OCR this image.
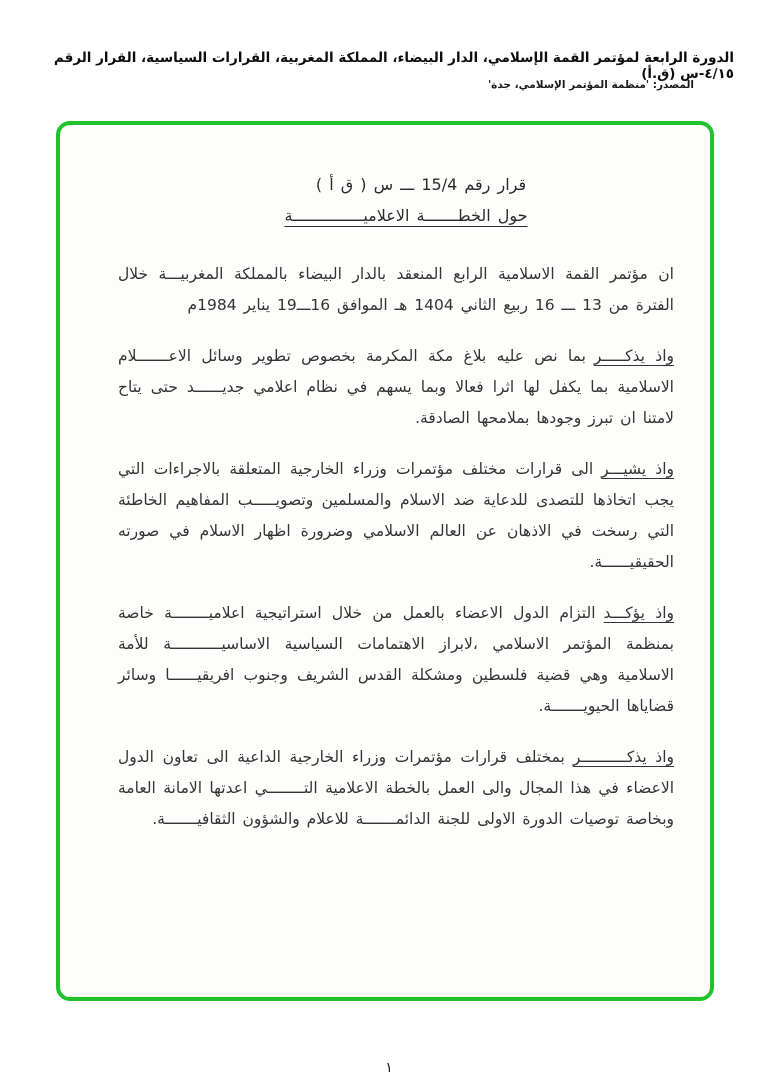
الدورة الرابعة لمؤتمر القمة الإسلامي، الدار البيضاء، المملكة المغربية، القرارات السياسية، القرار الرقم ٤/١٥-س (ق.أ)
المصدر: 'منظمة المؤتمر الإسلامي، جدة'
قرار رقم 15/4 ـــ س ( ق أ )
حول الخطـــــــة الاعلاميـــــــــــــــة

ان مؤتمر القمة الاسلامية الرابع المنعقد بالدار البيضاء بالمملكة المغربيـــة خلال الفترة من 13 ـــ 16 ربيع الثاني 1404 هـ الموافق 16ـــ19 يناير 1984م

واذ يذكـــــربما نص عليه بلاغ مكة المكرمة بخصوص تطوير وسائل الاعـــــــلام الاسلامية بما يكفل لها اثرا فعالا وبما يسهم في نظام اعلامي جديــــــد حتى يتاح لامتنا ان تبرز وجودها بملامحها الصادقة.

واذ يشيـــرالى قرارات مختلف مؤتمرات وزراء الخارجية المتعلقة بالاجراءات التي يجب اتخاذها للتصدى للدعاية ضد الاسلام والمسلمين وتصويـــــب المفاهيم الخاطئة التي رسخت في الاذهان عن العالم الاسلامي وضرورة اظهار الاسلام في صورته الحقيقيــــــة.

واذ يؤكـــدالتزام الدول الاعضاء بالعمل من خلال استراتيجية اعلاميــــــــة خاصة بمنظمة المؤتمر الاسلامي ،لابراز الاهتمامات السياسية الاساسيـــــــــــة للأمة الاسلامية وهي قضية فلسطين ومشكلة القدس الشريف وجنوب افريقيــــــا وسائر قضاياها الحيويـــــــة.

واذ يذكــــــــــربمختلف قرارات مؤتمرات وزراء الخارجية الداعية الى تعاون الدول الاعضاء في هذا المجال والى العمل بالخطة الاعلامية التــــــــي اعدتها الامانة العامة وبخاصة توصيات الدورة الاولى للجنة الدائمـــــــة للاعلام والشؤون الثقافيـــــــة.

١
